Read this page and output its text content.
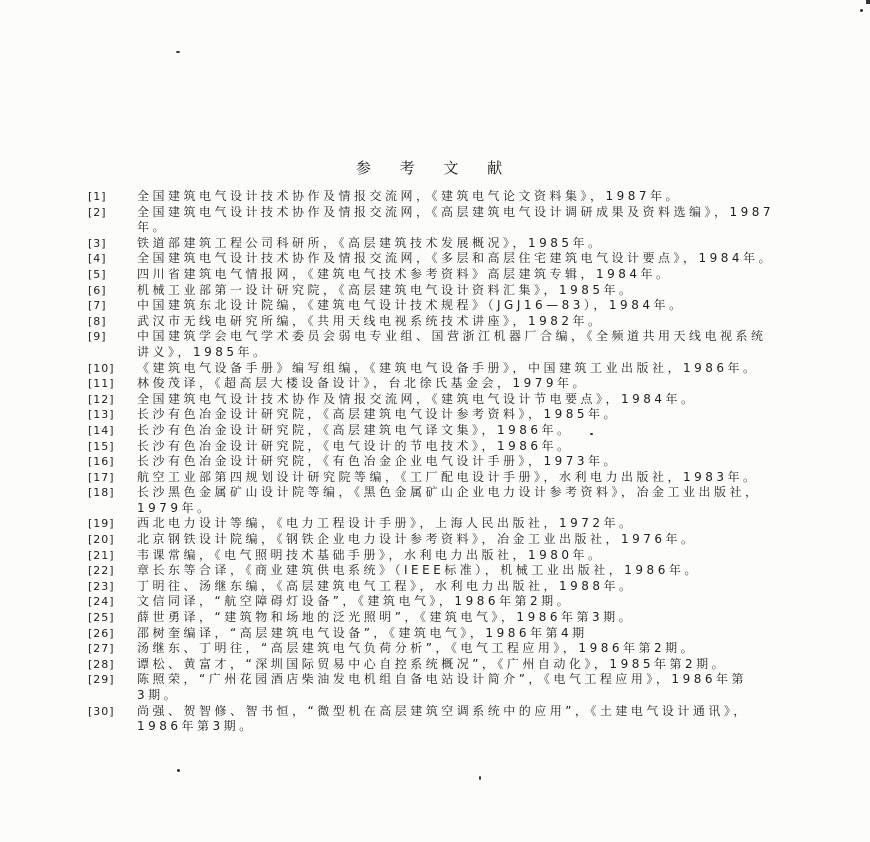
参 考 文 献
[1]	全国建筑电气设计技术协作及情报交流网，《建筑电气论文资料集》，1987年。
[2]	全国建筑电气设计技术协作及情报交流网，《高层建筑电气设计调研成果及资料选编》，1987
年。
[3]	铁道部建筑工程公司科研所，《高层建筑技术发展概况》，1985年。
[4]	全国建筑电气设计技术协作及情报交流网，《多层和高层住宅建筑电气设计要点》，1984年。
[5]	四川省建筑电气情报网，《建筑电气技术参考资料》高层建筑专辑，1984年。
[6]	机械工业部第一设计研究院，《高层建筑电气设计资料汇集》，1985年。
[7]	中国建筑东北设计院编，《建筑电气设计技术规程》（JGJ16—83），1984年。
[8]	武汉市无线电研究所编，《共用天线电视系统技术讲座》，1982年。
[9]	中国建筑学会电气学术委员会弱电专业组、国营浙江机器厂合编，《全频道共用天线电视系统
讲义》，1985年。
[10]	《建筑电气设备手册》编写组编，《建筑电气设备手册》，中国建筑工业出版社，1986年。
[11]	林俊茂译，《超高层大楼设备设计》，台北徐氏基金会，1979年。
[12]	全国建筑电气设计技术协作及情报交流网，《建筑电气设计节电要点》，1984年。
[13]	长沙有色冶金设计研究院，《高层建筑电气设计参考资料》，1985年。
[14]	长沙有色冶金设计研究院，《高层建筑电气译文集》，1986年。
[15]	长沙有色冶金设计研究院，《电气设计的节电技术》，1986年。
[16]	长沙有色冶金设计研究院，《有色冶金企业电气设计手册》，1973年。
[17]	航空工业部第四规划设计研究院等编，《工厂配电设计手册》，水利电力出版社，1983年。
[18]	长沙黑色金属矿山设计院等编，《黑色金属矿山企业电力设计参考资料》，冶金工业出版社，
1979年。
[19]	西北电力设计等编，《电力工程设计手册》，上海人民出版社，1972年。
[20]	北京钢铁设计院编，《钢铁企业电力设计参考资料》，冶金工业出版社，1976年。
[21]	韦课常编，《电气照明技术基础手册》，水利电力出版社，1980年。
[22]	章长东等合译，《商业建筑供电系统》（IEEE标准），机械工业出版社，1986年。
[23]	丁明往、汤继东编，《高层建筑电气工程》，水利电力出版社，1988年。
[24]	文信同译，“航空障碍灯设备”，《建筑电气》，1986年第2期。
[25]	薛世勇译，“建筑物和场地的泛光照明”，《建筑电气》，1986年第3期。
[26]	邵树奎编译，“高层建筑电气设备”，《建筑电气》，1986年第4期
[27]	汤继东、丁明往，“高层建筑电气负荷分析”，《电气工程应用》，1986年第2期。
[28]	谭松、黄富才，“深圳国际贸易中心自控系统概况”，《广州自动化》，1985年第2期。
[29]	陈照荣，“广州花园酒店柴油发电机组自备电站设计简介”，《电气工程应用》，1986年第
3期。
[30]	尚强、贺智修、智书恒，“微型机在高层建筑空调系统中的应用”，《土建电气设计通讯》，
1986年第3期。
